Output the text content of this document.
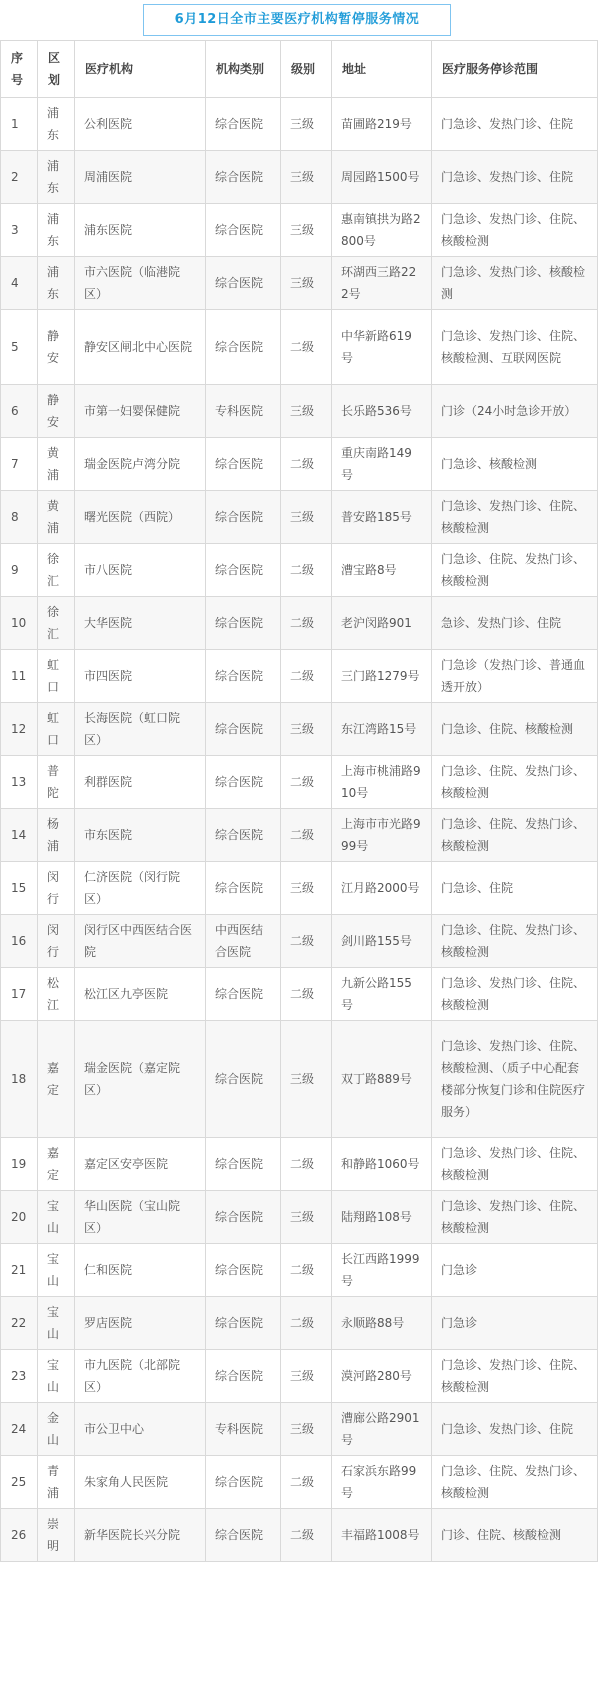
6月12日全市主要医疗机构暂停服务情况
序号	区划	医疗机构	机构类别	级别	地址	医疗服务停诊范围
1	浦东	公利医院	综合医院	三级	苗圃路219号	门急诊、发热门诊、住院
2	浦东	周浦医院	综合医院	三级	周园路1500号	门急诊、发热门诊、住院
3	浦东	浦东医院	综合医院	三级	惠南镇拱为路2800号	门急诊、发热门诊、住院、核酸检测
4	浦东	市六医院（临港院区）	综合医院	三级	环湖西三路222号	门急诊、发热门诊、核酸检测
5	静安	静安区闸北中心医院	综合医院	二级	中华新路619号	门急诊、发热门诊、住院、核酸检测、互联网医院
6	静安	市第一妇婴保健院	专科医院	三级	长乐路536号	门诊（24小时急诊开放）
7	黄浦	瑞金医院卢湾分院	综合医院	二级	重庆南路149号	门急诊、核酸检测
8	黄浦	曙光医院（西院）	综合医院	三级	普安路185号	门急诊、发热门诊、住院、核酸检测
9	徐汇	市八医院	综合医院	二级	漕宝路8号	门急诊、住院、发热门诊、核酸检测
10	徐汇	大华医院	综合医院	二级	老沪闵路901	急诊、发热门诊、住院
11	虹口	市四医院	综合医院	二级	三门路1279号	门急诊（发热门诊、普通血透开放）
12	虹口	长海医院（虹口院区）	综合医院	三级	东江湾路15号	门急诊、住院、核酸检测
13	普陀	利群医院	综合医院	二级	上海市桃浦路910号	门急诊、住院、发热门诊、核酸检测
14	杨浦	市东医院	综合医院	二级	上海市市光路999号	门急诊、住院、发热门诊、核酸检测
15	闵行	仁济医院（闵行院区）	综合医院	三级	江月路2000号	门急诊、住院
16	闵行	闵行区中西医结合医院	中西医结合医院	二级	剑川路155号	门急诊、住院、发热门诊、核酸检测
17	松江	松江区九亭医院	综合医院	二级	九新公路155号	门急诊、发热门诊、住院、核酸检测
18	嘉定	瑞金医院（嘉定院区）	综合医院	三级	双丁路889号	门急诊、发热门诊、住院、核酸检测、（质子中心配套楼部分恢复门诊和住院医疗服务）
19	嘉定	嘉定区安亭医院	综合医院	二级	和静路1060号	门急诊、发热门诊、住院、核酸检测
20	宝山	华山医院（宝山院区）	综合医院	三级	陆翔路108号	门急诊、发热门诊、住院、核酸检测
21	宝山	仁和医院	综合医院	二级	长江西路1999号	门急诊
22	宝山	罗店医院	综合医院	二级	永顺路88号	门急诊
23	宝山	市九医院（北部院区）	综合医院	三级	漠河路280号	门急诊、发热门诊、住院、核酸检测
24	金山	市公卫中心	专科医院	三级	漕廊公路2901号	门急诊、发热门诊、住院
25	青浦	朱家角人民医院	综合医院	二级	石家浜东路99号	门急诊、住院、发热门诊、核酸检测
26	崇明	新华医院长兴分院	综合医院	二级	丰福路1008号	门诊、住院、核酸检测
